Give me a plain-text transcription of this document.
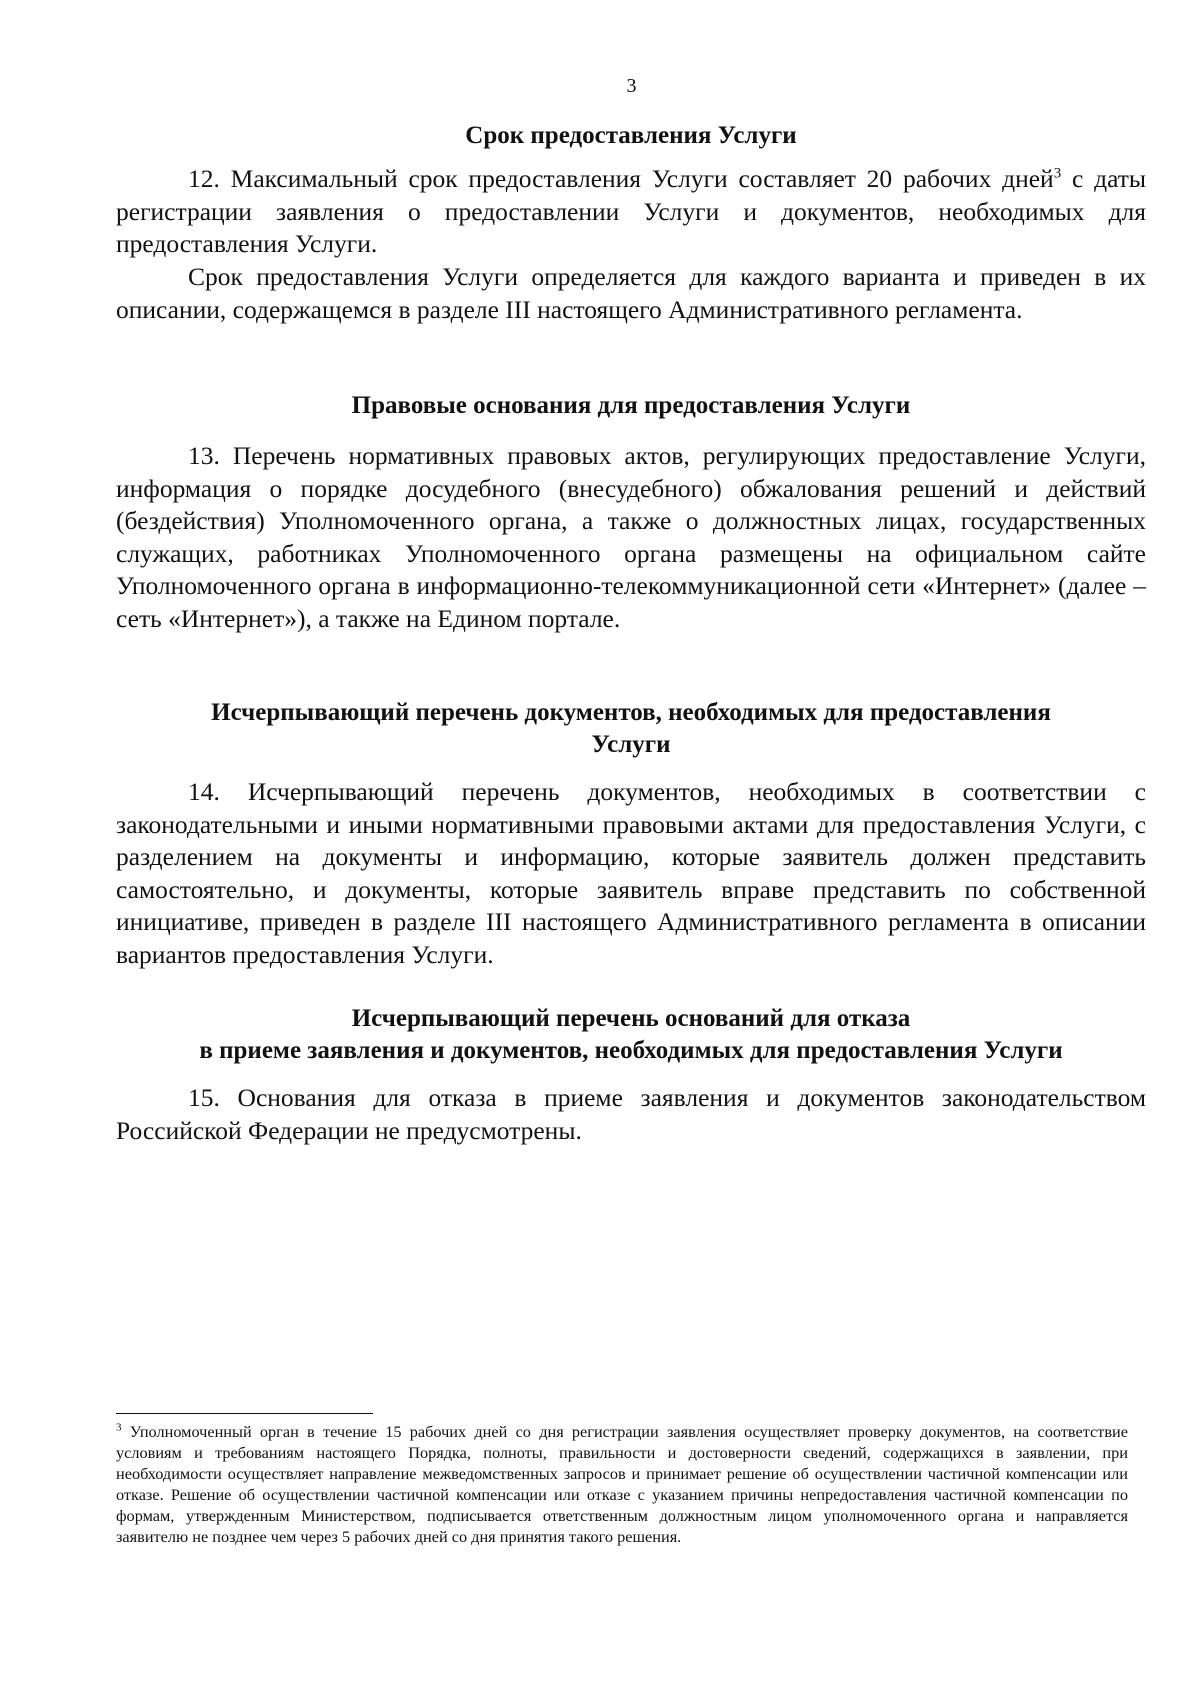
3
Срок предоставления Услуги

12. Максимальный срок предоставления Услуги составляет 20 рабочих дней$^3$ с даты регистрации заявления о предоставлении Услуги и документов, необходимых для предоставления Услуги.

Срок предоставления Услуги определяется для каждого варианта и приведен в их описании, содержащемся в разделе III настоящего Административного регламента.

Правовые основания для предоставления Услуги

13. Перечень нормативных правовых актов, регулирующих предоставление Услуги, информация о порядке досудебного (внесудебного) обжалования решений и действий (бездействия) Уполномоченного органа, а также о должностных лицах, государственных служащих, работниках Уполномоченного органа размещены на официальном сайте Уполномоченного органа в информационно-телекоммуникационной сети «Интернет» (далее – сеть «Интернет»), а также на Едином портале.

Исчерпывающий перечень документов, необходимых для предоставления
Услуги

14. Исчерпывающий перечень документов, необходимых в соответствии с законодательными и иными нормативными правовыми актами для предоставления Услуги, с разделением на документы и информацию, которые заявитель должен представить самостоятельно, и документы, которые заявитель вправе представить по собственной инициативе, приведен в разделе III настоящего Административного регламента в описании вариантов предоставления Услуги.

Исчерпывающий перечень оснований для отказа
в приеме заявления и документов, необходимых для предоставления Услуги

15. Основания для отказа в приеме заявления и документов законодательством Российской Федерации не предусмотрены.

$^3$ Уполномоченный орган в течение 15 рабочих дней со дня регистрации заявления осуществляет проверку документов, на соответствие условиям и требованиям настоящего Порядка, полноты, правильности и достоверности сведений, содержащихся в заявлении, при необходимости осуществляет направление межведомственных запросов и принимает решение об осуществлении частичной компенсации или отказе. Решение об осуществлении частичной компенсации или отказе с указанием причины непредоставления частичной компенсации по формам, утвержденным Министерством, подписывается ответственным должностным лицом уполномоченного органа и направляется заявителю не позднее чем через 5 рабочих дней со дня принятия такого решения.
